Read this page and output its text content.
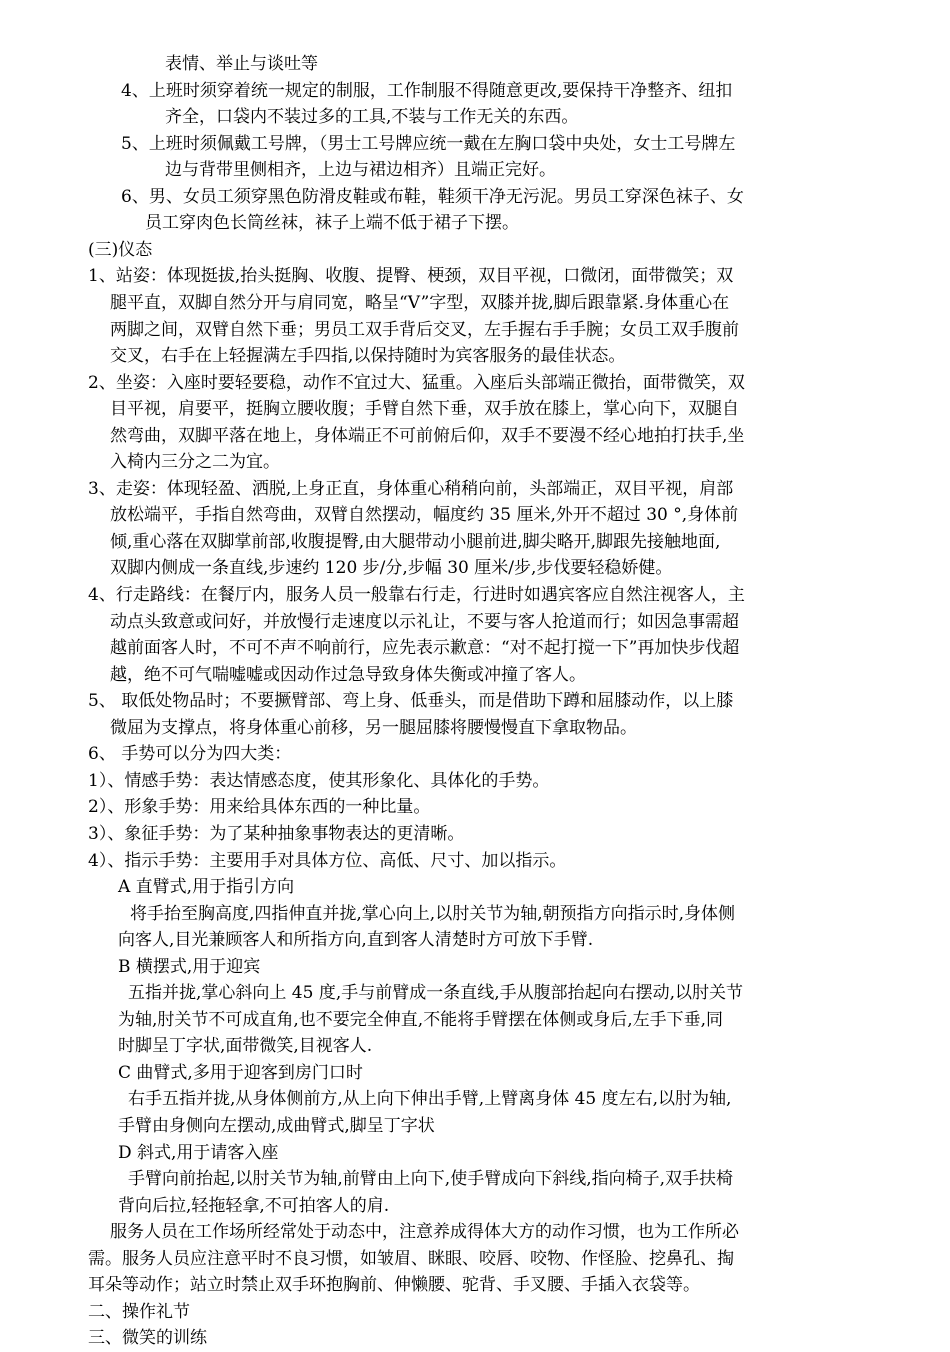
表情、举止与谈吐等
4、上班时须穿着统一规定的制服，工作制服不得随意更改,要保持干净整齐、纽扣
齐全，口袋内不装过多的工具,不装与工作无关的东西。
5、上班时须佩戴工号牌，（男士工号牌应统一戴在左胸口袋中央处，女士工号牌左
边与背带里侧相齐，上边与裙边相齐）且端正完好。
6、男、女员工须穿黑色防滑皮鞋或布鞋，鞋须干净无污泥。男员工穿深色袜子、女
员工穿肉色长筒丝袜，袜子上端不低于裙子下摆。
(三)仪态
1、站姿：体现挺拔,抬头挺胸、收腹、提臀、梗颈，双目平视，口微闭，面带微笑；双
腿平直，双脚自然分开与肩同宽，略呈“V”字型，双膝并拢,脚后跟靠紧.身体重心在
两脚之间，双臂自然下垂；男员工双手背后交叉，左手握右手手腕；女员工双手腹前
交叉，右手在上轻握满左手四指,以保持随时为宾客服务的最佳状态。
2、坐姿：入座时要轻要稳，动作不宜过大、猛重。入座后头部端正微抬，面带微笑，双
目平视，肩要平，挺胸立腰收腹；手臂自然下垂，双手放在膝上，掌心向下，双腿自
然弯曲，双脚平落在地上，身体端正不可前俯后仰，双手不要漫不经心地拍打扶手,坐
入椅内三分之二为宜。
3、走姿：体现轻盈、洒脱,上身正直，身体重心稍稍向前，头部端正，双目平视，肩部
放松端平，手指自然弯曲，双臂自然摆动，幅度约 35 厘米,外开不超过 30 °,身体前
倾,重心落在双脚掌前部,收腹提臀,由大腿带动小腿前进,脚尖略开,脚跟先接触地面,
双脚内侧成一条直线,步速约 120 步/分,步幅 30 厘米/步,步伐要轻稳娇健。
4、行走路线：在餐厅内，服务人员一般靠右行走，行进时如遇宾客应自然注视客人，主
动点头致意或问好，并放慢行走速度以示礼让，不要与客人抢道而行；如因急事需超
越前面客人时，不可不声不响前行，应先表示歉意：“对不起打搅一下”再加快步伐超
越，绝不可气喘嘘嘘或因动作过急导致身体失衡或冲撞了客人。
5、 取低处物品时；不要撅臂部、弯上身、低垂头，而是借助下蹲和屈膝动作，以上膝
微屈为支撑点，将身体重心前移，另一腿屈膝将腰慢慢直下拿取物品。
6、 手势可以分为四大类：
1）、情感手势：表达情感态度，使其形象化、具体化的手势。
2）、形象手势：用来给具体东西的一种比量。
3）、象征手势：为了某种抽象事物表达的更清晰。
4）、指示手势：主要用手对具体方位、高低、尺寸、加以指示。
A 直臂式,用于指引方向
将手抬至胸高度,四指伸直并拢,掌心向上,以肘关节为轴,朝预指方向指示时,身体侧
向客人,目光兼顾客人和所指方向,直到客人清楚时方可放下手臂.
B 横摆式,用于迎宾
五指并拢,掌心斜向上 45 度,手与前臂成一条直线,手从腹部抬起向右摆动,以肘关节
为轴,肘关节不可成直角,也不要完全伸直,不能将手臂摆在体侧或身后,左手下垂,同
时脚呈丁字状,面带微笑,目视客人.
C 曲臂式,多用于迎客到房门口时
右手五指并拢,从身体侧前方,从上向下伸出手臂,上臂离身体 45 度左右,以肘为轴,
手臂由身侧向左摆动,成曲臂式,脚呈丁字状
D 斜式,用于请客入座
手臂向前抬起,以肘关节为轴,前臂由上向下,使手臂成向下斜线,指向椅子,双手扶椅
背向后拉,轻拖轻拿,不可拍客人的肩.
服务人员在工作场所经常处于动态中，注意养成得体大方的动作习惯，也为工作所必
需。服务人员应注意平时不良习惯，如皱眉、眯眼、咬唇、咬物、作怪脸、挖鼻孔、掏
耳朵等动作；站立时禁止双手环抱胸前、伸懒腰、驼背、手叉腰、手插入衣袋等。
二、操作礼节
三、微笑的训练
